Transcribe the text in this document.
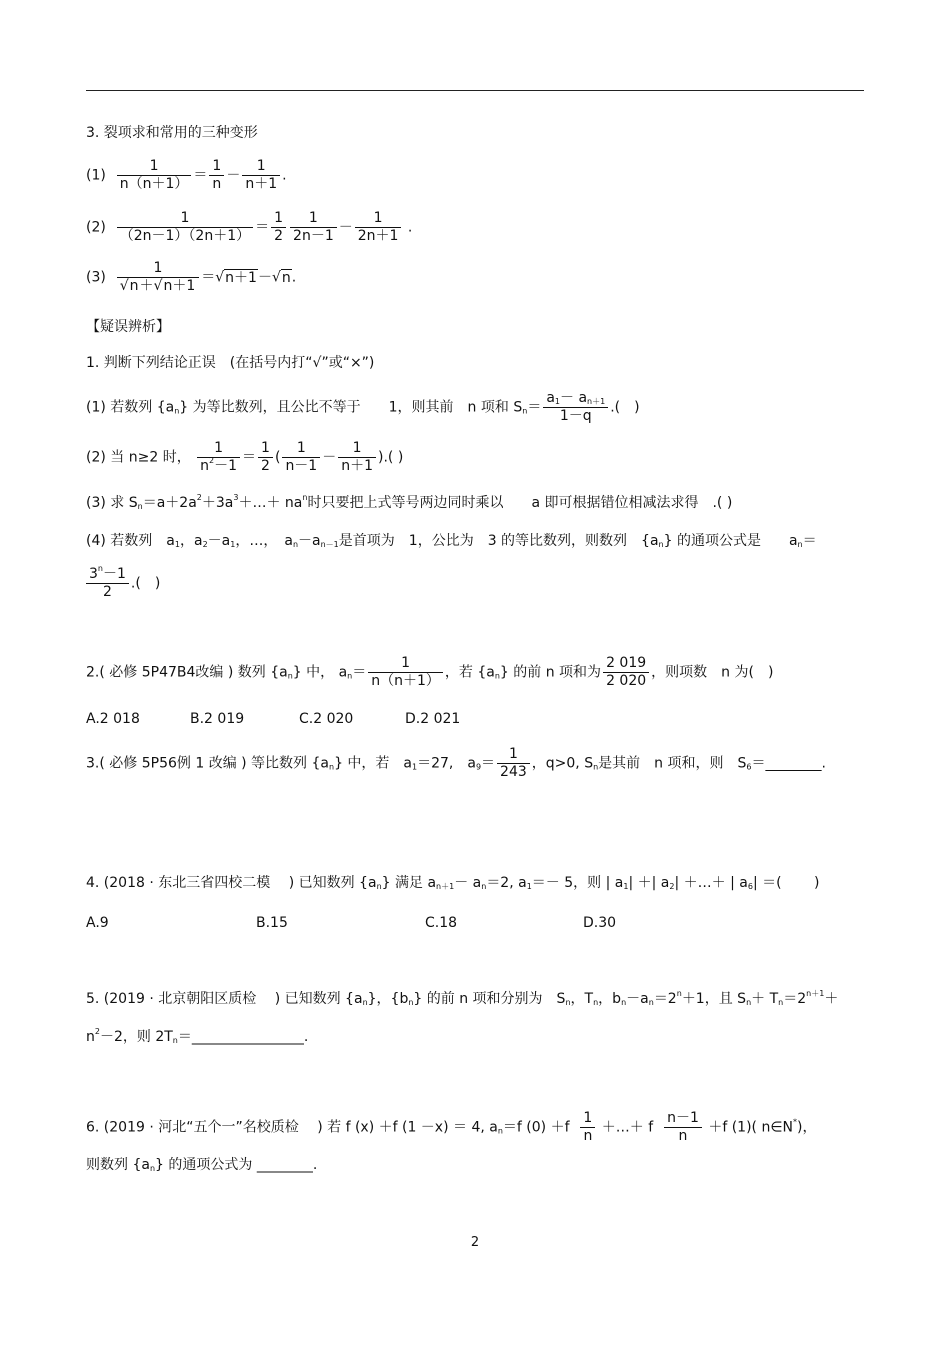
3. 裂项求和常用的三种变形
$(1) \frac{1}{n(n+1)} = \frac{1}{n} - \frac{1}{n+1}$ .
$(2) \frac{1}{(2n-1)(2n+1)} = \frac{1}{2} \frac{1}{2n-1} - \frac{1}{2n+1}$ .
$(3) \frac{1}{√n+√n+1} =√n+1-√n$.
【疑误辨析】
1. 判断下列结论正误　(在括号内打“√”或“×”)
(1) 若数列 $\{a_n\}$ 为等比数列，且公比不等于　　1，则其前　n 项和 $S_n= \frac{a_1- a_{n+1}}{1-q}$ .(　)
(2) 当 n≥2 时， $\frac{1}{n^2-1} = \frac{1}{2}$ ( $\frac{1}{n-1} - \frac{1}{n+1}$ ).( )
(3) 求 $S_n=a+2a^2+3a^3+\dots+ na^n$时只要把上式等号两边同时乘以　　a 即可根据错位相减法求得　.( )
(4) 若数列　$a_1$，$a_2-a_1$，…，　$a_n-a_{n-1}$是首项为　1，公比为　3 的等比数列，则数列　$\{a_n\}$ 的通项公式是　　$a_n=$
$\frac{3^n-1}{2}$ .(　)
2.( 必修 5P47B4改编 ) 数列 $\{a_n\}$ 中， $a_n= \frac{1}{n(n+1)}$ ，若 $\{a_n\}$ 的前 n 项和为 $\frac{2 019}{2 020}$ ，则项数　n 为(　)
A.2 018	B.2 019	C.2 020	D.2 021
3.( 必修 5P56例 1 改编 ) 等比数列 $\{a_n\}$ 中，若　$a_1=27$,　$a_9= \frac{1}{243}$ ，q>0, $S_n$是其前　n 项和，则　$S_6=\_\_\_\_\_\_\_\_$.
4. (2018 · 东北三省四校二模　 ) 已知数列 $\{a_n\}$ 满足 $a_{n+1}- a_n=2$, $a_1=- 5$，则 | $a_1|$ ＋| $a_2|$ ＋…＋ | $a_6|$ ＝(　　 )
A.9	B.15	C.18	D.30
5. (2019 · 北京朝阳区质检　 ) 已知数列 $\{a_n\}$，$\{b_n\}$ 的前 n 项和分别为　$S_n$，$T_n$，$b_n-a_n=2^n+1$，且 $S_n+ T_n=2^{n+1}+$
$n^2-2$，则 $2T_n=\_\_\_\_\_\_\_\_\_\_\_\_\_\_\_\_$.
6. (2019 · 河北“五个一”名校质检　 ) 若 f (x) ＋f (1 －x) ＝ 4, $a_n=f$ $(0) +f \frac{1}{n}$ ＋…＋ f $\frac{n-1}{n} +f$ (1)( n∈N*)，
则数列 $\{a_n\}$ 的通项公式为 ________.
2
